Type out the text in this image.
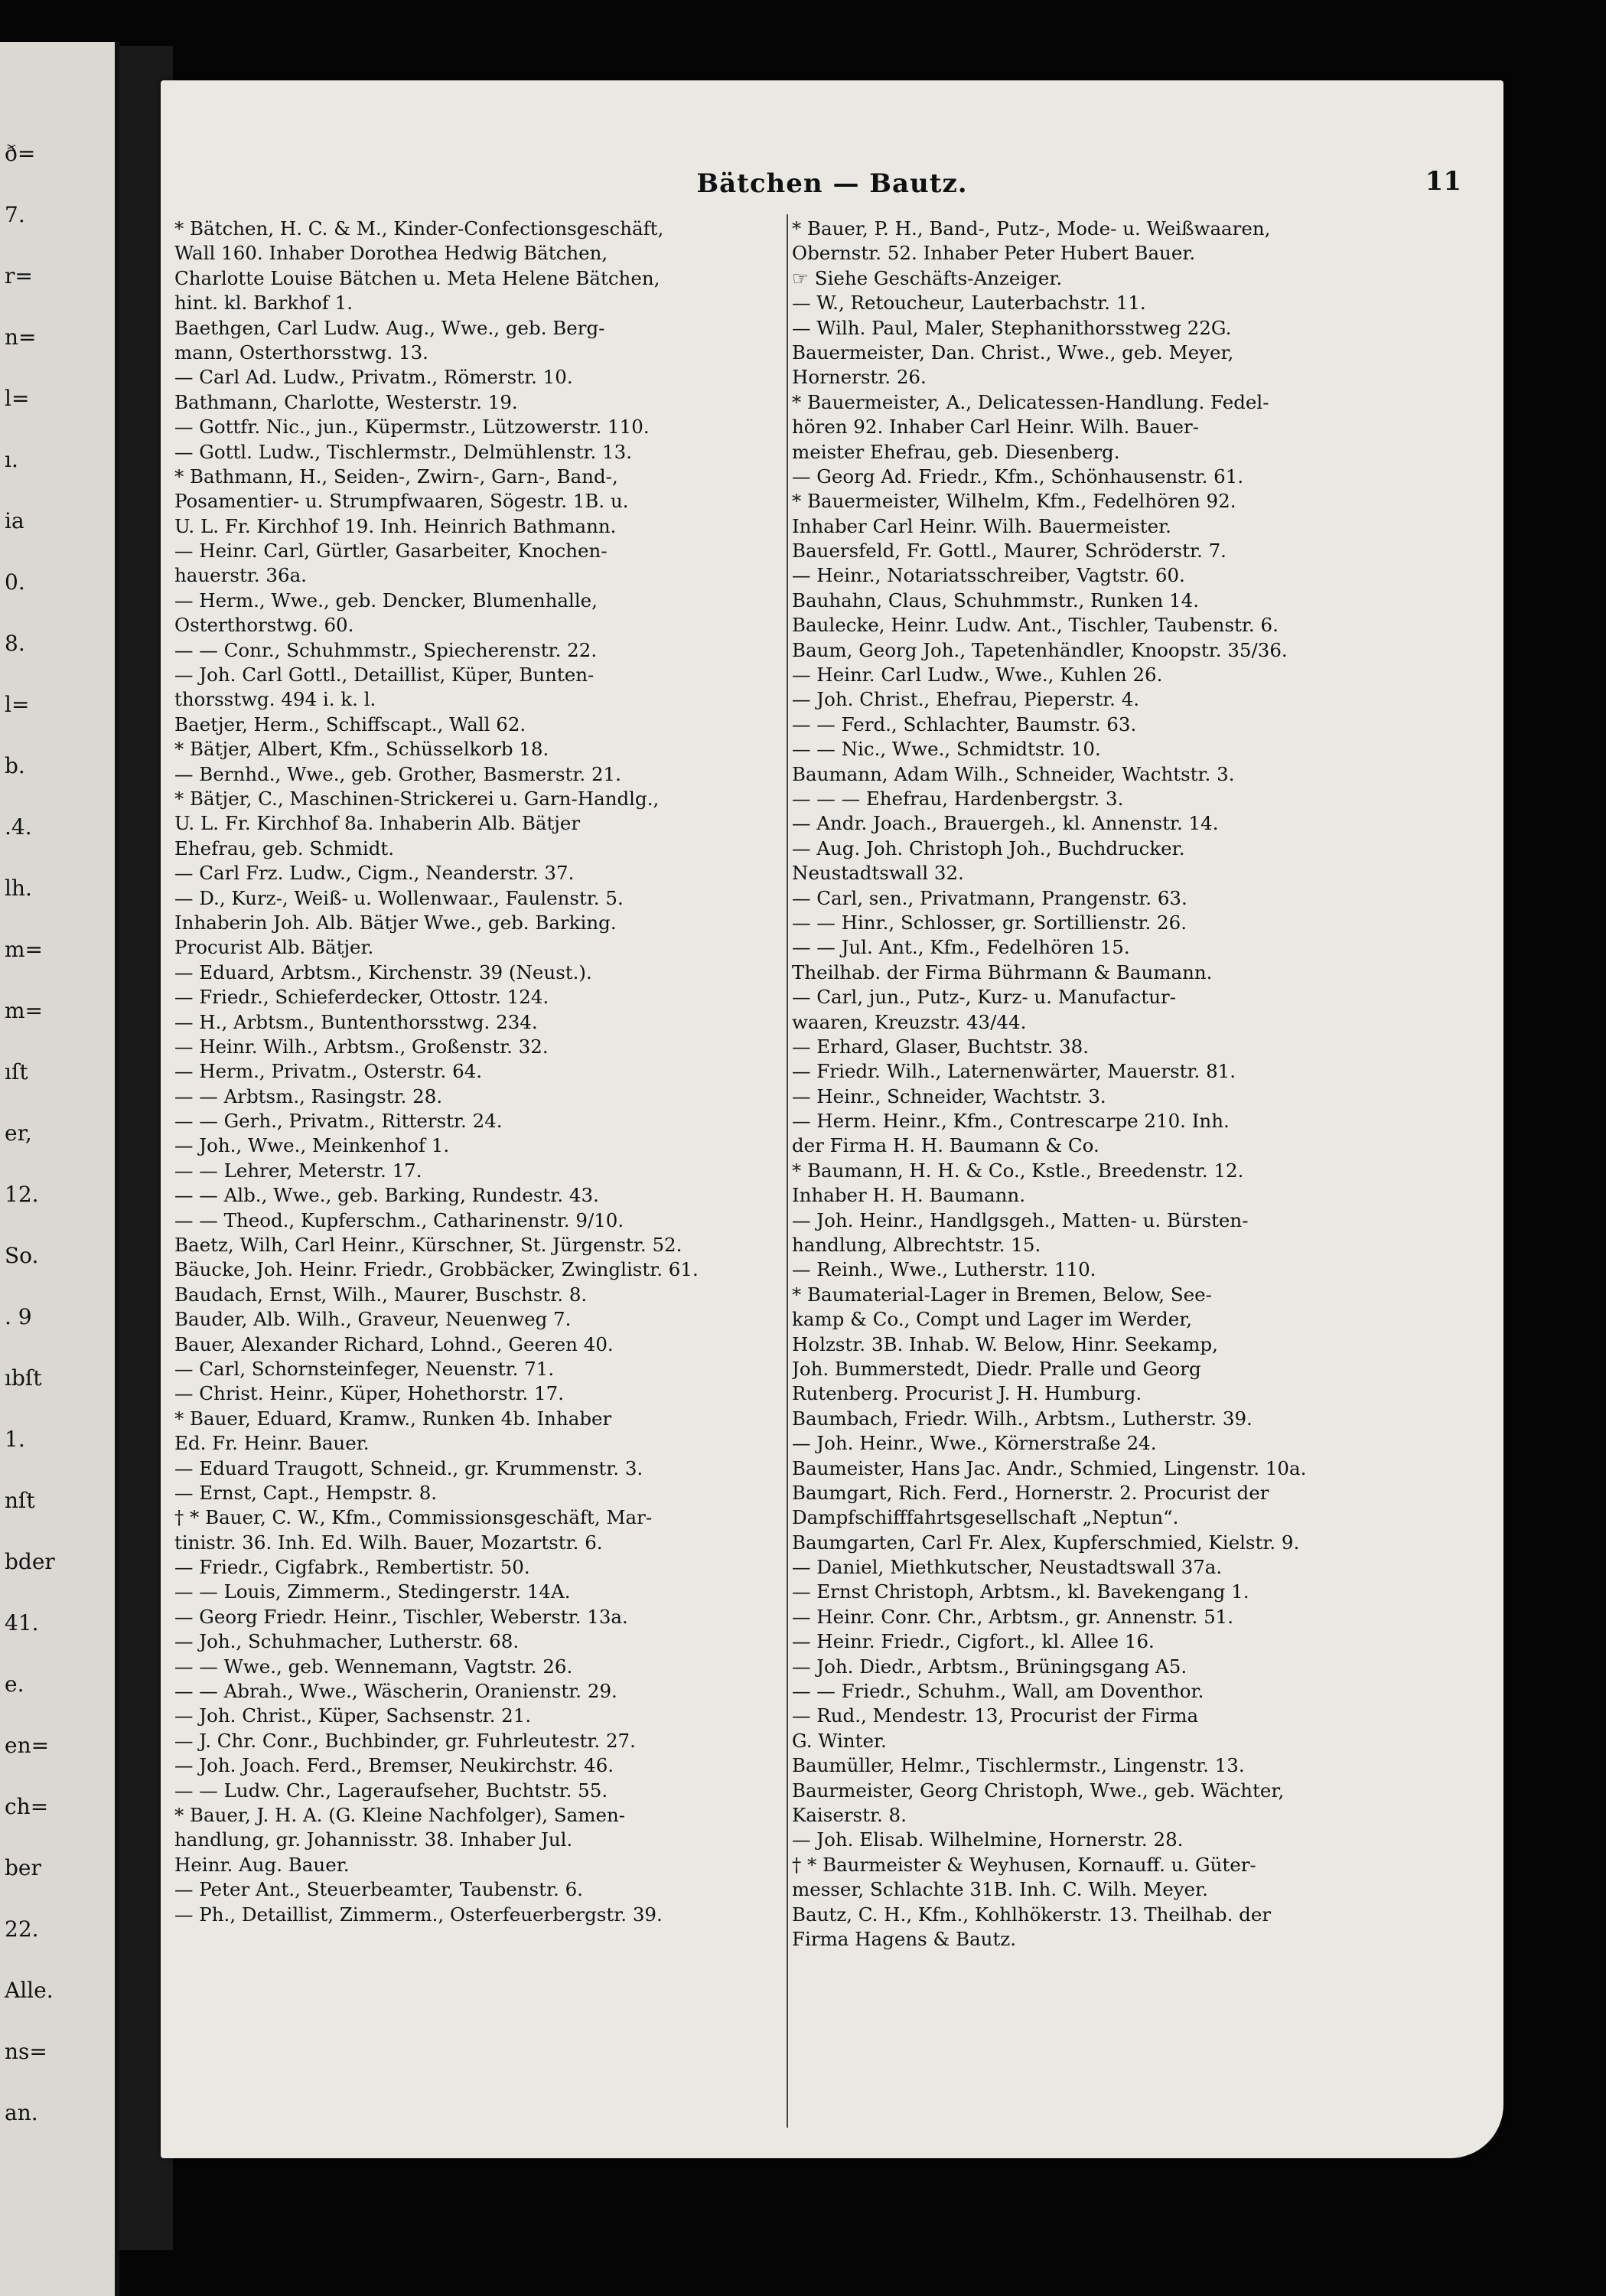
ð=
7.
r=
n=
l=
ı.
ia
0.
8.
l=
b.
.4.
lh.
m=
m=
ıſt
er,
12.
So.
. 9
ıbſt
1.
nſt
bder
41.
e.
en=
ch=
ber
22.
Alle.
ns=
an.
Bätchen — Bautz.	11
* Bätchen, H. C. & M., Kinder-Confectionsgeschäft,
Wall 160. Inhaber Dorothea Hedwig Bätchen,
Charlotte Louise Bätchen u. Meta Helene Bätchen,
hint. kl. Barkhof 1.
Baethgen, Carl Ludw. Aug., Wwe., geb. Berg-
mann, Osterthorsstwg. 13.
— Carl Ad. Ludw., Privatm., Römerstr. 10.
Bathmann, Charlotte, Westerstr. 19.
— Gottfr. Nic., jun., Küpermstr., Lützowerstr. 110.
— Gottl. Ludw., Tischlermstr., Delmühlenstr. 13.
* Bathmann, H., Seiden-, Zwirn-, Garn-, Band-,
Posamentier- u. Strumpfwaaren, Sögestr. 1B. u.
U. L. Fr. Kirchhof 19. Inh. Heinrich Bathmann.
— Heinr. Carl, Gürtler, Gasarbeiter, Knochen-
hauerstr. 36a.
— Herm., Wwe., geb. Dencker, Blumenhalle,
Osterthorstwg. 60.
— — Conr., Schuhmmstr., Spiecherenstr. 22.
— Joh. Carl Gottl., Detaillist, Küper, Bunten-
thorsstwg. 494 i. k. l.
Baetjer, Herm., Schiffscapt., Wall 62.
* Bätjer, Albert, Kfm., Schüsselkorb 18.
— Bernhd., Wwe., geb. Grother, Basmerstr. 21.
* Bätjer, C., Maschinen-Strickerei u. Garn-Handlg.,
U. L. Fr. Kirchhof 8a. Inhaberin Alb. Bätjer
Ehefrau, geb. Schmidt.
— Carl Frz. Ludw., Cigm., Neanderstr. 37.
— D., Kurz-, Weiß- u. Wollenwaar., Faulenstr. 5.
Inhaberin Joh. Alb. Bätjer Wwe., geb. Barking.
Procurist Alb. Bätjer.
— Eduard, Arbtsm., Kirchenstr. 39 (Neust.).
— Friedr., Schieferdecker, Ottostr. 124.
— H., Arbtsm., Buntenthorsstwg. 234.
— Heinr. Wilh., Arbtsm., Großenstr. 32.
— Herm., Privatm., Osterstr. 64.
— — Arbtsm., Rasingstr. 28.
— — Gerh., Privatm., Ritterstr. 24.
— Joh., Wwe., Meinkenhof 1.
— — Lehrer, Meterstr. 17.
— — Alb., Wwe., geb. Barking, Rundestr. 43.
— — Theod., Kupferschm., Catharinenstr. 9/10.
Baetz, Wilh, Carl Heinr., Kürschner, St. Jürgenstr. 52.
Bäucke, Joh. Heinr. Friedr., Grobbäcker, Zwinglistr. 61.
Baudach, Ernst, Wilh., Maurer, Buschstr. 8.
Bauder, Alb. Wilh., Graveur, Neuenweg 7.
Bauer, Alexander Richard, Lohnd., Geeren 40.
— Carl, Schornsteinfeger, Neuenstr. 71.
— Christ. Heinr., Küper, Hohethorstr. 17.
* Bauer, Eduard, Kramw., Runken 4b. Inhaber
Ed. Fr. Heinr. Bauer.
— Eduard Traugott, Schneid., gr. Krummenstr. 3.
— Ernst, Capt., Hempstr. 8.
† * Bauer, C. W., Kfm., Commissionsgeschäft, Mar-
tinistr. 36. Inh. Ed. Wilh. Bauer, Mozartstr. 6.
— Friedr., Cigfabrk., Rembertistr. 50.
— — Louis, Zimmerm., Stedingerstr. 14A.
— Georg Friedr. Heinr., Tischler, Weberstr. 13a.
— Joh., Schuhmacher, Lutherstr. 68.
— — Wwe., geb. Wennemann, Vagtstr. 26.
— — Abrah., Wwe., Wäscherin, Oranienstr. 29.
— Joh. Christ., Küper, Sachsenstr. 21.
— J. Chr. Conr., Buchbinder, gr. Fuhrleutestr. 27.
— Joh. Joach. Ferd., Bremser, Neukirchstr. 46.
— — Ludw. Chr., Lageraufseher, Buchtstr. 55.
* Bauer, J. H. A. (G. Kleine Nachfolger), Samen-
handlung, gr. Johannisstr. 38. Inhaber Jul.
Heinr. Aug. Bauer.
— Peter Ant., Steuerbeamter, Taubenstr. 6.
— Ph., Detaillist, Zimmerm., Osterfeuerbergstr. 39.
* Bauer, P. H., Band-, Putz-, Mode- u. Weißwaaren,
Obernstr. 52. Inhaber Peter Hubert Bauer.
☞ Siehe Geschäfts-Anzeiger.
— W., Retoucheur, Lauterbachstr. 11.
— Wilh. Paul, Maler, Stephanithorsstweg 22G.
Bauermeister, Dan. Christ., Wwe., geb. Meyer,
Hornerstr. 26.
* Bauermeister, A., Delicatessen-Handlung. Fedel-
hören 92. Inhaber Carl Heinr. Wilh. Bauer-
meister Ehefrau, geb. Diesenberg.
— Georg Ad. Friedr., Kfm., Schönhausenstr. 61.
* Bauermeister, Wilhelm, Kfm., Fedelhören 92.
Inhaber Carl Heinr. Wilh. Bauermeister.
Bauersfeld, Fr. Gottl., Maurer, Schröderstr. 7.
— Heinr., Notariatsschreiber, Vagtstr. 60.
Bauhahn, Claus, Schuhmmstr., Runken 14.
Baulecke, Heinr. Ludw. Ant., Tischler, Taubenstr. 6.
Baum, Georg Joh., Tapetenhändler, Knoopstr. 35/36.
— Heinr. Carl Ludw., Wwe., Kuhlen 26.
— Joh. Christ., Ehefrau, Pieperstr. 4.
— — Ferd., Schlachter, Baumstr. 63.
— — Nic., Wwe., Schmidtstr. 10.
Baumann, Adam Wilh., Schneider, Wachtstr. 3.
— — — Ehefrau, Hardenbergstr. 3.
— Andr. Joach., Brauergeh., kl. Annenstr. 14.
— Aug. Joh. Christoph Joh., Buchdrucker.
Neustadtswall 32.
— Carl, sen., Privatmann, Prangenstr. 63.
— — Hinr., Schlosser, gr. Sortillienstr. 26.
— — Jul. Ant., Kfm., Fedelhören 15.
Theilhab. der Firma Bührmann & Baumann.
— Carl, jun., Putz-, Kurz- u. Manufactur-
waaren, Kreuzstr. 43/44.
— Erhard, Glaser, Buchtstr. 38.
— Friedr. Wilh., Laternenwärter, Mauerstr. 81.
— Heinr., Schneider, Wachtstr. 3.
— Herm. Heinr., Kfm., Contrescarpe 210. Inh.
der Firma H. H. Baumann & Co.
* Baumann, H. H. & Co., Kstle., Breedenstr. 12.
Inhaber H. H. Baumann.
— Joh. Heinr., Handlgsgeh., Matten- u. Bürsten-
handlung, Albrechtstr. 15.
— Reinh., Wwe., Lutherstr. 110.
* Baumaterial-Lager in Bremen, Below, See-
kamp & Co., Compt und Lager im Werder,
Holzstr. 3B. Inhab. W. Below, Hinr. Seekamp,
Joh. Bummerstedt, Diedr. Pralle und Georg
Rutenberg. Procurist J. H. Humburg.
Baumbach, Friedr. Wilh., Arbtsm., Lutherstr. 39.
— Joh. Heinr., Wwe., Körnerstraße 24.
Baumeister, Hans Jac. Andr., Schmied, Lingenstr. 10a.
Baumgart, Rich. Ferd., Hornerstr. 2. Procurist der
Dampfschifffahrtsgesellschaft „Neptun“.
Baumgarten, Carl Fr. Alex, Kupferschmied, Kielstr. 9.
— Daniel, Miethkutscher, Neustadtswall 37a.
— Ernst Christoph, Arbtsm., kl. Bavekengang 1.
— Heinr. Conr. Chr., Arbtsm., gr. Annenstr. 51.
— Heinr. Friedr., Cigfort., kl. Allee 16.
— Joh. Diedr., Arbtsm., Brüningsgang A5.
— — Friedr., Schuhm., Wall, am Doventhor.
— Rud., Mendestr. 13, Procurist der Firma
G. Winter.
Baumüller, Helmr., Tischlermstr., Lingenstr. 13.
Baurmeister, Georg Christoph, Wwe., geb. Wächter,
Kaiserstr. 8.
— Joh. Elisab. Wilhelmine, Hornerstr. 28.
† * Baurmeister & Weyhusen, Kornauff. u. Güter-
messer, Schlachte 31B. Inh. C. Wilh. Meyer.
Bautz, C. H., Kfm., Kohlhökerstr. 13. Theilhab. der
Firma Hagens & Bautz.
